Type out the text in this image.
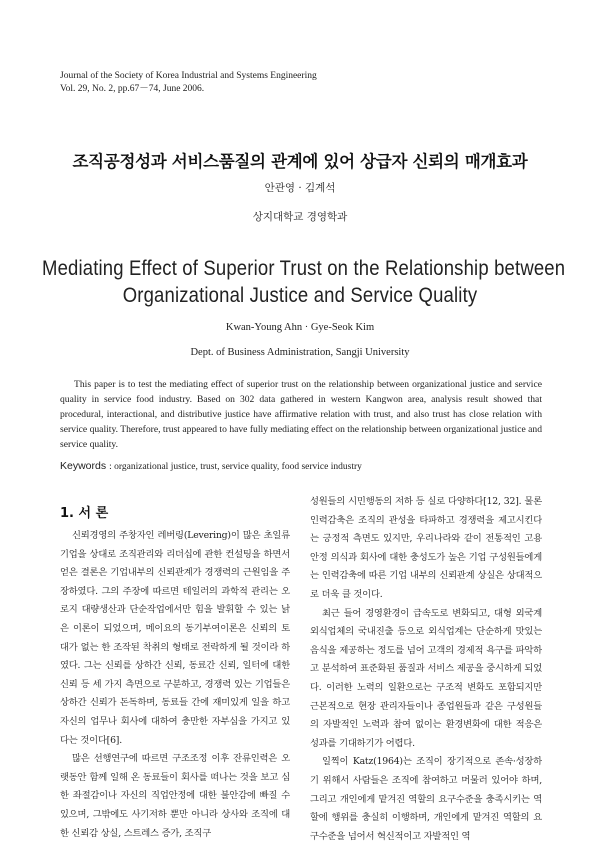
Journal of the Society of Korea Industrial and Systems Engineering
Vol. 29, No. 2, pp.67－74, June 2006.
조직공정성과 서비스품질의 관계에 있어 상급자 신뢰의 매개효과
안관영 · 김계석
상지대학교 경영학과
Mediating Effect of Superior Trust on the Relationship between
Organizational Justice and Service Quality
Kwan-Young Ahn · Gye-Seok Kim
Dept. of Business Administration, Sangji University
This paper is to test the mediating effect of superior trust on the relationship between organizational justice and service quality in service food industry. Based on 302 data gathered in western Kangwon area, analysis result showed that procedural, interactional, and distributive justice have affirmative relation with trust, and also trust has close relation with service quality. Therefore, trust appeared to have fully mediating effect on the relationship between organizational justice and service quality.
Keywords : organizational justice, trust, service quality, food service industry
1. 서 론

신뢰경영의 주창자인 레버링(Levering)이 많은 초일류 기업을 상대로 조직관리와 리더십에 관한 컨설팅을 하면서 얻은 결론은 기업내부의 신뢰관계가 경쟁력의 근원임을 주장하였다. 그의 주장에 따르면 테일러의 과학적 관리는 오로지 대량생산과 단순작업에서만 힘을 발휘할 수 있는 낡은 이론이 되었으며, 메이요의 동기부여이론은 신뢰의 토대가 없는 한 조작된 착취의 형태로 전락하게 될 것이라 하였다. 그는 신뢰를 상하간 신뢰, 동료간 신뢰, 일터에 대한 신뢰 등 세 가지 측면으로 구분하고, 경쟁력 있는 기업들은 상하간 신뢰가 돈독하며, 동료들 간에 재미있게 일을 하고 자신의 업무나 회사에 대하여 충만한 자부심을 가지고 있다는 것이다[6].

많은 선행연구에 따르면 구조조정 이후 잔류인력은 오랫동안 함께 일해 온 동료들이 회사를 떠나는 것을 보고 심한 좌절감이나 자신의 직업안정에 대한 불안감에 빠질 수 있으며, 그밖에도 사기저하 뿐만 아니라 상사와 조직에 대한 신뢰감 상실, 스트레스 증가, 조직구

성원들의 시민행동의 저하 등 실로 다양하다[12, 32]. 물론 인력감축은 조직의 관성을 타파하고 경쟁력을 제고시킨다는 긍정적 측면도 있지만, 우리나라와 같이 전통적인 고용안정 의식과 회사에 대한 충성도가 높은 기업 구성원들에게는 인력감축에 따른 기업 내부의 신뢰관계 상실은 상대적으로 더욱 클 것이다.

최근 들어 경영환경이 급속도로 변화되고, 대형 외국계 외식업체의 국내진출 등으로 외식업계는 단순하게 맛있는 음식을 제공하는 정도를 넘어 고객의 경제적 욕구를 파악하고 분석하여 표준화된 품질과 서비스 제공을 중시하게 되었다. 이러한 노력의 일환으로는 구조적 변화도 포함되지만 근본적으로 현장 관리자들이나 종업원들과 같은 구성원들의 자발적인 노력과 참여 없이는 환경변화에 대한 적응은 성과를 기대하기가 어렵다.

일찍이 Katz(1964)는 조직이 장기적으로 존속·성장하기 위해서 사람들은 조직에 참여하고 머물러 있어야 하며, 그리고 개인에게 맡겨진 역할의 요구수준을 충족시키는 역할에 행위를 충실히 이행하며, 개인에게 맡겨진 역할의 요구수준을 넘어서 혁신적이고 자발적인 역
